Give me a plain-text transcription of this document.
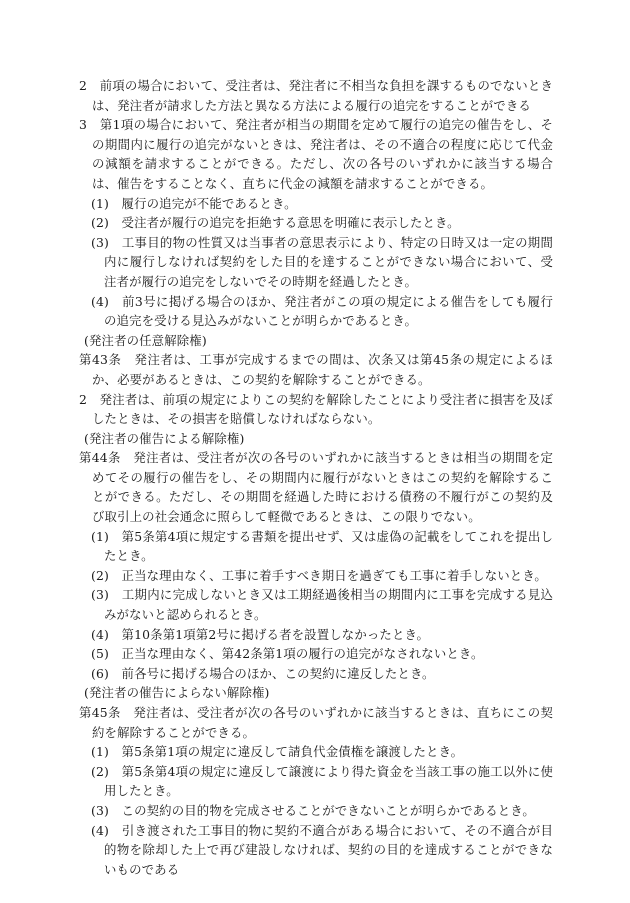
2　前項の場合において、受注者は、発注者に不相当な負担を課するものでないときは、発注者が請求した方法と異なる方法による履行の追完をすることができる

3　第1項の場合において、発注者が相当の期間を定めて履行の追完の催告をし、その期間内に履行の追完がないときは、発注者は、その不適合の程度に応じて代金の減額を請求することができる。ただし、次の各号のいずれかに該当する場合は、催告をすることなく、直ちに代金の減額を請求することができる。

(1)　履行の追完が不能であるとき。

(2)　受注者が履行の追完を拒絶する意思を明確に表示したとき。

(3)　工事目的物の性質又は当事者の意思表示により、特定の日時又は一定の期間内に履行しなければ契約をした目的を達することができない場合において、受注者が履行の追完をしないでその時期を経過したとき。

(4)　前3号に掲げる場合のほか、発注者がこの項の規定による催告をしても履行の追完を受ける見込みがないことが明らかであるとき。

(発注者の任意解除権)

第43条　発注者は、工事が完成するまでの間は、次条又は第45条の規定によるほか、必要があるときは、この契約を解除することができる。

2　発注者は、前項の規定によりこの契約を解除したことにより受注者に損害を及ぼしたときは、その損害を賠償しなければならない。

(発注者の催告による解除権)

第44条　発注者は、受注者が次の各号のいずれかに該当するときは相当の期間を定めてその履行の催告をし、その期間内に履行がないときはこの契約を解除することができる。ただし、その期間を経過した時における債務の不履行がこの契約及び取引上の社会通念に照らして軽微であるときは、この限りでない。

(1)　第5条第4項に規定する書類を提出せず、又は虚偽の記載をしてこれを提出したとき。

(2)　正当な理由なく、工事に着手すべき期日を過ぎても工事に着手しないとき。

(3)　工期内に完成しないとき又は工期経過後相当の期間内に工事を完成する見込みがないと認められるとき。

(4)　第10条第1項第2号に掲げる者を設置しなかったとき。

(5)　正当な理由なく、第42条第1項の履行の追完がなされないとき。

(6)　前各号に掲げる場合のほか、この契約に違反したとき。

(発注者の催告によらない解除権)

第45条　発注者は、受注者が次の各号のいずれかに該当するときは、直ちにこの契約を解除することができる。

(1)　第5条第1項の規定に違反して請負代金債権を譲渡したとき。

(2)　第5条第4項の規定に違反して譲渡により得た資金を当該工事の施工以外に使用したとき。

(3)　この契約の目的物を完成させることができないことが明らかであるとき。

(4)　引き渡された工事目的物に契約不適合がある場合において、その不適合が目的物を除却した上で再び建設しなければ、契約の目的を達成することができないものである
